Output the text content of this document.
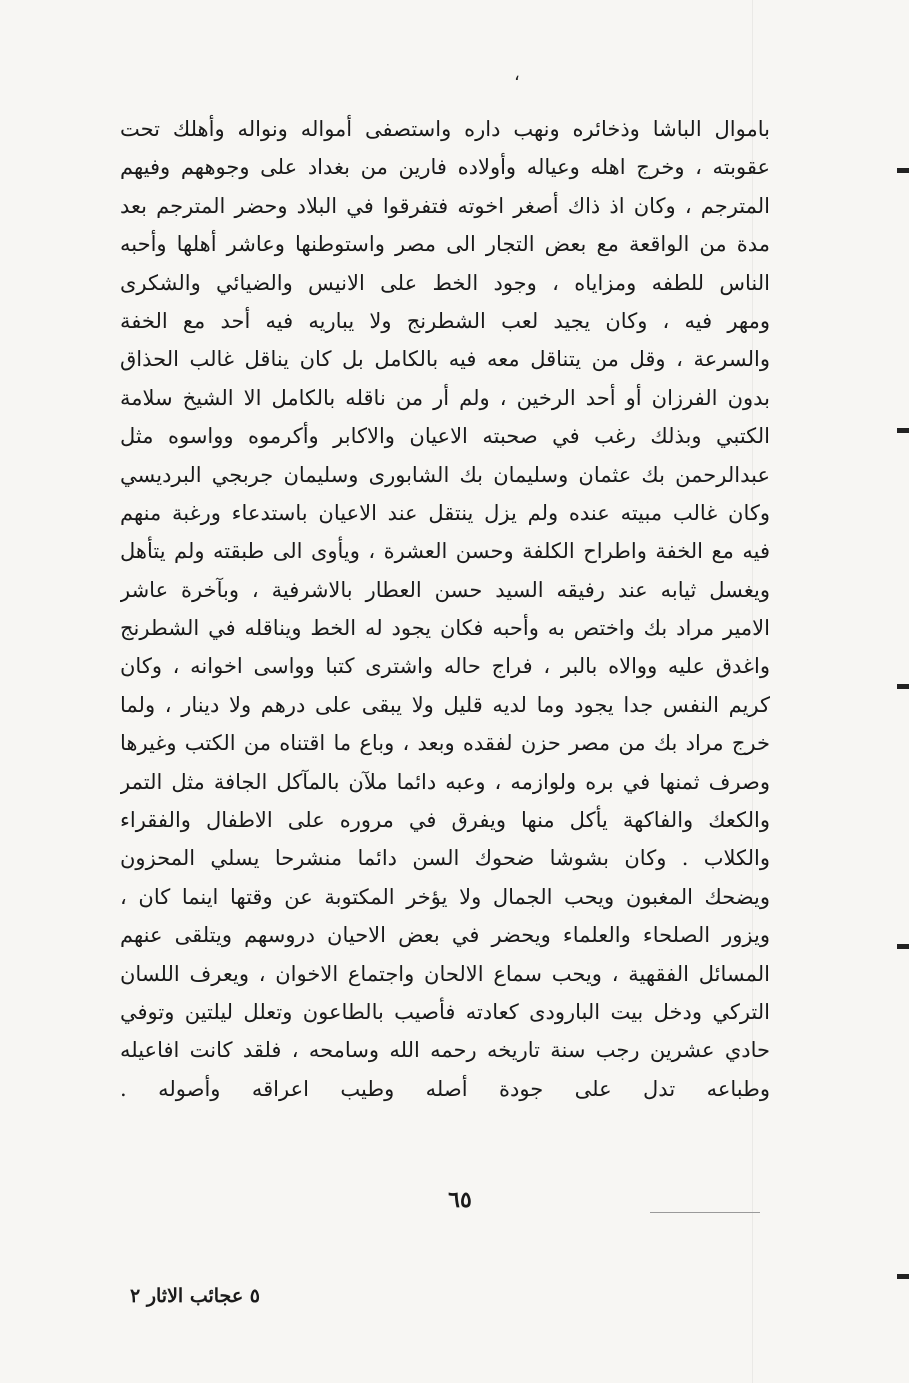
،
باموال الباشا وذخائره ونهب داره واستصفى أمواله ونواله وأهلك تحت
عقوبته ، وخرج اهله وعياله وأولاده فارين من بغداد على وجوههم وفيهم
المترجم ، وكان اذ ذاك أصغر اخوته فتفرقوا في البلاد وحضر المترجم بعد
مدة من الواقعة مع بعض التجار الى مصر واستوطنها وعاشر أهلها وأحبه
الناس للطفه ومزاياه ، وجود الخط على الانيس والضيائي والشكرى
ومهر فيه ، وكان يجيد لعب الشطرنج ولا يباريه فيه أحد مع الخفة
والسرعة ، وقل من يتناقل معه فيه بالكامل بل كان يناقل غالب الحذاق
بدون الفرزان أو أحد الرخين ، ولم أر من ناقله بالكامل الا الشيخ سلامة
الكتبي وبذلك رغب في صحبته الاعيان والاكابر وأكرموه وواسوه مثل
عبدالرحمن بك عثمان وسليمان بك الشابورى وسليمان جربجي البرديسي
وكان غالب مبيته عنده ولم يزل ينتقل عند الاعيان باستدعاء ورغبة منهم
فيه مع الخفة واطراح الكلفة وحسن العشرة ، ويأوى الى طبقته ولم يتأهل
ويغسل ثيابه عند رفيقه السيد حسن العطار بالاشرفية ، وبآخرة عاشر
الامير مراد بك واختص به وأحبه فكان يجود له الخط ويناقله في الشطرنج
واغدق عليه ووالاه بالبر ، فراج حاله واشترى كتبا وواسى اخوانه ، وكان
كريم النفس جدا يجود وما لديه قليل ولا يبقى على درهم ولا دينار ، ولما
خرج مراد بك من مصر حزن لفقده وبعد ، وباع ما اقتناه من الكتب وغيرها
وصرف ثمنها في بره ولوازمه ، وعبه دائما ملآن بالمآكل الجافة مثل التمر
والكعك والفاكهة يأكل منها ويفرق في مروره على الاطفال والفقراء
والكلاب . وكان بشوشا ضحوك السن دائما منشرحا يسلي المحزون
ويضحك المغبون ويحب الجمال ولا يؤخر المكتوبة عن وقتها اينما كان ،
ويزور الصلحاء والعلماء ويحضر في بعض الاحيان دروسهم ويتلقى عنهم
المسائل الفقهية ، ويحب سماع الالحان واجتماع الاخوان ، ويعرف اللسان
التركي ودخل بيت البارودى كعادته فأصيب بالطاعون وتعلل ليلتين وتوفي
حادي عشرين رجب سنة تاريخه رحمه الله وسامحه ، فلقد كانت افاعيله
وطباعه تدل على جودة أصله وطيب اعراقه وأصوله .
٦٥
٥ عجائب الاثار ٢
